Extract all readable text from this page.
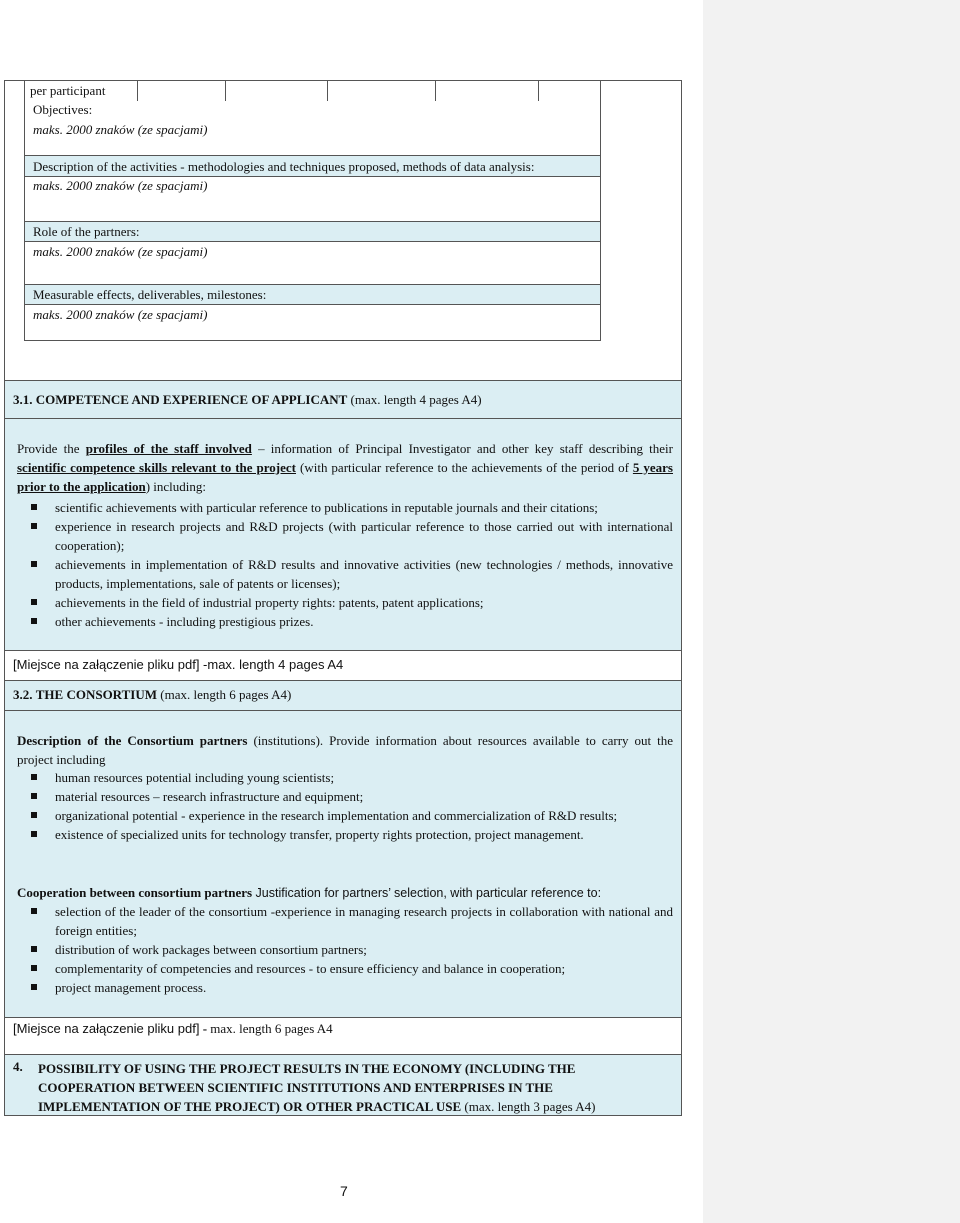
per participant
Objectives:
maks. 2000 znaków (ze spacjami)
Description of the activities - methodologies and techniques proposed, methods of data analysis:
maks. 2000 znaków (ze spacjami)
Role of the partners:
maks. 2000 znaków (ze spacjami)
Measurable effects, deliverables, milestones:
maks. 2000 znaków (ze spacjami)
3.1. COMPETENCE AND EXPERIENCE OF APPLICANT (max. length 4 pages A4)
Provide the profiles of the staff involved – information of Principal Investigator and other key staff describing their scientific competence skills relevant to the project (with particular reference to the achievements of the period of 5 years prior to the application) including:
scientific achievements with particular reference to publications in reputable journals and their citations;
experience in research projects and R&D projects (with particular reference to those carried out with international cooperation);
achievements in implementation of R&D results and innovative activities (new technologies / methods, innovative products, implementations, sale of patents or licenses);
achievements in the field of industrial property rights: patents, patent applications;
other achievements - including prestigious prizes.
[Miejsce na załączenie pliku pdf] -max. length 4 pages A4
3.2. THE CONSORTIUM (max. length 6 pages A4)
Description of the Consortium partners (institutions). Provide information about resources available to carry out the project including
human resources potential including young scientists;
material resources – research infrastructure and equipment;
organizational potential - experience in the research implementation and commercialization of R&D results;
existence of specialized units for technology transfer, property rights protection, project management.
Cooperation between consortium partners Justification for partners’ selection, with particular reference to:
selection of the leader of the consortium -experience in managing research projects in collaboration with national and foreign entities;
distribution of work packages between consortium partners;
complementarity of competencies and resources - to ensure efficiency and balance in cooperation;
project management process.
[Miejsce na załączenie pliku pdf] - max. length 6 pages A4
4. POSSIBILITY OF USING THE PROJECT RESULTS IN THE ECONOMY (INCLUDING THE COOPERATION BETWEEN SCIENTIFIC INSTITUTIONS AND ENTERPRISES IN THE IMPLEMENTATION OF THE PROJECT) OR OTHER PRACTICAL USE (max. length 3 pages A4)
7
